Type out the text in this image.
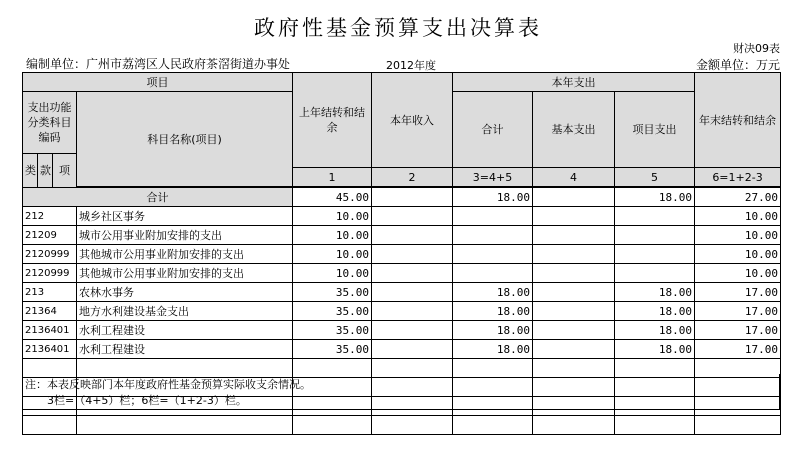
政府性基金预算支出决算表
财决09表
编制单位：广州市荔湾区人民政府茶滘街道办事处	2012年度	金额单位：万元
项目				上年结转和结余	本年收入	本年支出			年末结转和结余
支出功能分类科目编码			科目名称(项目)			合计	基本支出	项目支出	
类	款	项							
				1	2	3=4+5	4	5	6=1+2-3

合计				45.00		18.00		18.00	27.00
212			城乡社区事务	10.00					10.00
21209			城市公用事业附加安排的支出	10.00					10.00
2120999			其他城市公用事业附加安排的支出	10.00					10.00
2120999			其他城市公用事业附加安排的支出	10.00					10.00
213			农林水事务	35.00		18.00		18.00	17.00
21364			地方水利建设基金支出	35.00		18.00		18.00	17.00
2136401			水利工程建设	35.00		18.00		18.00	17.00
2136401			水利工程建设	35.00		18.00		18.00	17.00

注：本表反映部门本年度政府性基金预算实际收支余情况。
3栏=（4+5）栏；6栏=（1+2-3）栏。
